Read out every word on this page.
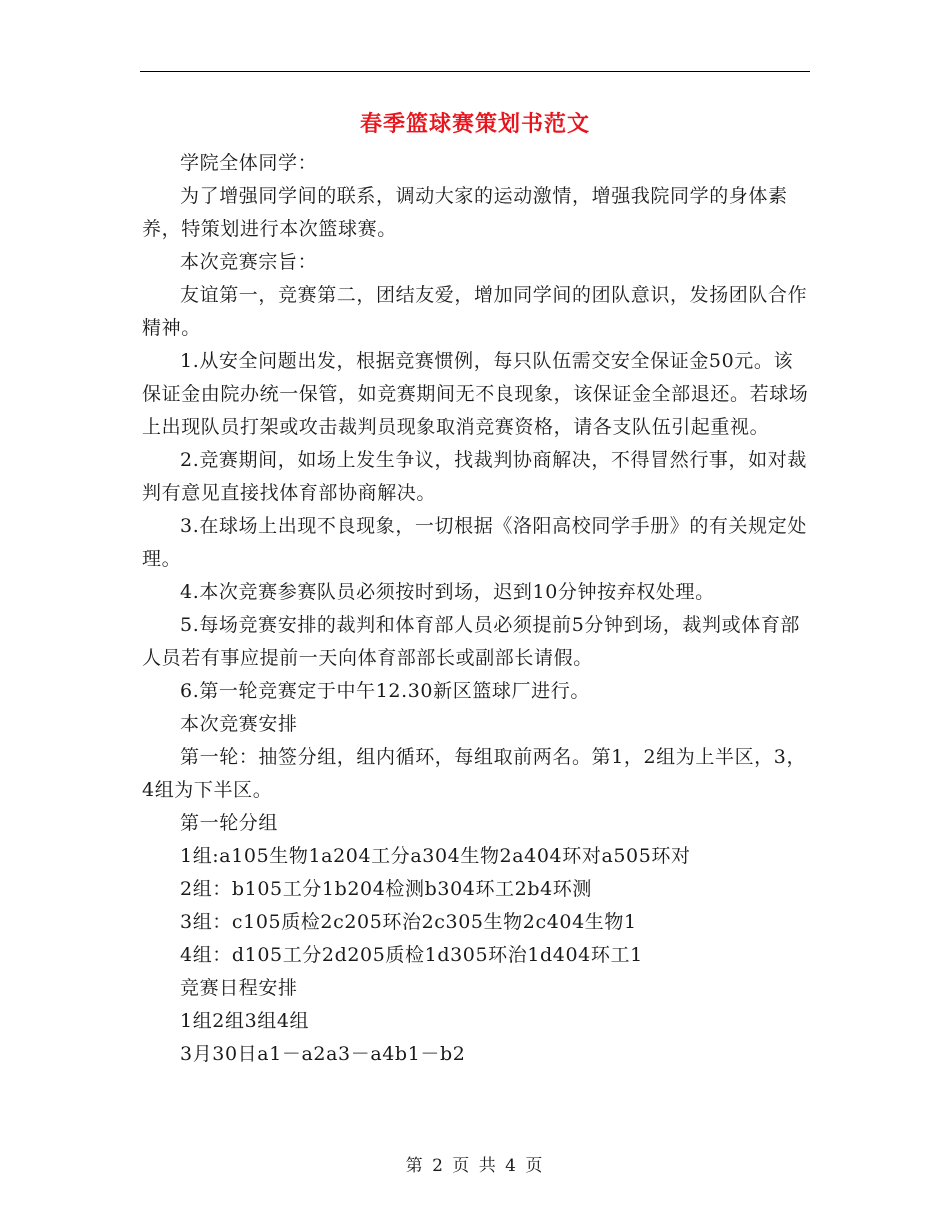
春季篮球赛策划书范文

学院全体同学：

为了增强同学间的联系，调动大家的运动激情，增强我院同学的身体素养，特策划进行本次篮球赛。

本次竞赛宗旨：

友谊第一，竞赛第二，团结友爱，增加同学间的团队意识，发扬团队合作精神。

1.从安全问题出发，根据竞赛惯例，每只队伍需交安全保证金50元。该保证金由院办统一保管，如竞赛期间无不良现象，该保证金全部退还。若球场上出现队员打架或攻击裁判员现象取消竞赛资格，请各支队伍引起重视。

2.竞赛期间，如场上发生争议，找裁判协商解决，不得冒然行事，如对裁判有意见直接找体育部协商解决。

3.在球场上出现不良现象，一切根据《洛阳高校同学手册》的有关规定处理。

4.本次竞赛参赛队员必须按时到场，迟到10分钟按弃权处理。

5.每场竞赛安排的裁判和体育部人员必须提前5分钟到场，裁判或体育部人员若有事应提前一天向体育部部长或副部长请假。

6.第一轮竞赛定于中午12.30新区篮球厂进行。

本次竞赛安排

第一轮：抽签分组，组内循环，每组取前两名。第1，2组为上半区，3，4组为下半区。

第一轮分组

1组:a105生物1a204工分a304生物2a404环对a505环对

2组：b105工分1b204检测b304环工2b4环测

3组：c105质检2c205环治2c305生物2c404生物1

4组：d105工分2d205质检1d305环治1d404环工1

竞赛日程安排

1组2组3组4组

3月30日a1－a2a3－a4b1－b2

第 2 页 共 4 页
